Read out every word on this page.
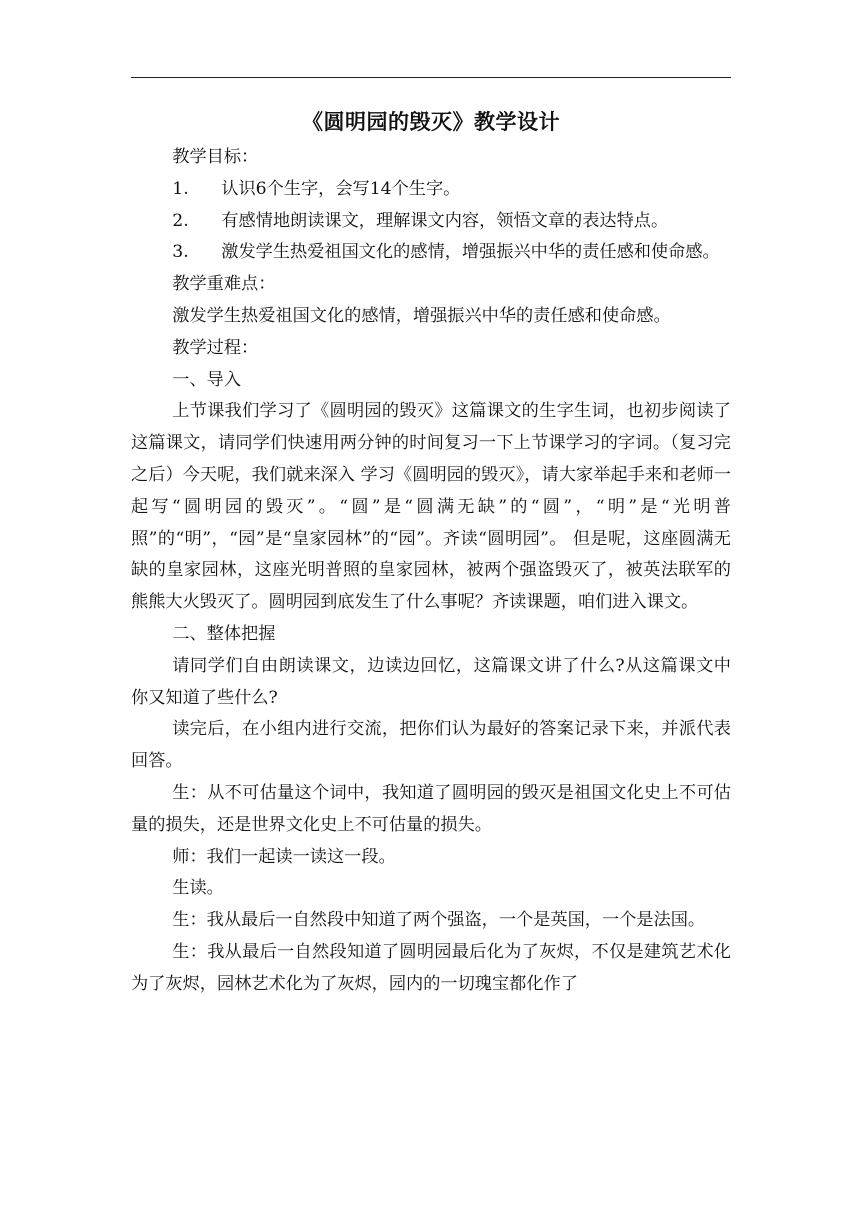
《圆明园的毁灭》教学设计

教学目标：

1. 认识6个生字，会写14个生字。

2. 有感情地朗读课文，理解课文内容，领悟文章的表达特点。

3. 激发学生热爱祖国文化的感情，增强振兴中华的责任感和使命感。

教学重难点：

激发学生热爱祖国文化的感情，增强振兴中华的责任感和使命感。

教学过程：

一、导入

上节课我们学习了《圆明园的毁灭》这篇课文的生字生词，也初步阅读了这篇课文，请同学们快速用两分钟的时间复习一下上节课学习的字词。（复习完之后）今天呢，我们就来深入 学习《圆明园的毁灭》，请大家举起手来和老师一起写“圆明园的毁灭”。“圆”是“圆满无缺”的“圆”，“明”是“光明普照”的“明”，“园”是“皇家园林”的“园”。齐读“圆明园”。 但是呢，这座圆满无缺的皇家园林，这座光明普照的皇家园林，被两个强盗毁灭了，被英法联军的熊熊大火毁灭了。圆明园到底发生了什么事呢？齐读课题，咱们进入课文。

二、整体把握

请同学们自由朗读课文，边读边回忆，这篇课文讲了什么?从这篇课文中你又知道了些什么?

读完后，在小组内进行交流，把你们认为最好的答案记录下来，并派代表回答。

生：从不可估量这个词中，我知道了圆明园的毁灭是祖国文化史上不可估量的损失，还是世界文化史上不可估量的损失。

师：我们一起读一读这一段。

生读。

生：我从最后一自然段中知道了两个强盗，一个是英国，一个是法国。

生：我从最后一自然段知道了圆明园最后化为了灰烬，不仅是建筑艺术化为了灰烬，园林艺术化为了灰烬，园内的一切瑰宝都化作了
